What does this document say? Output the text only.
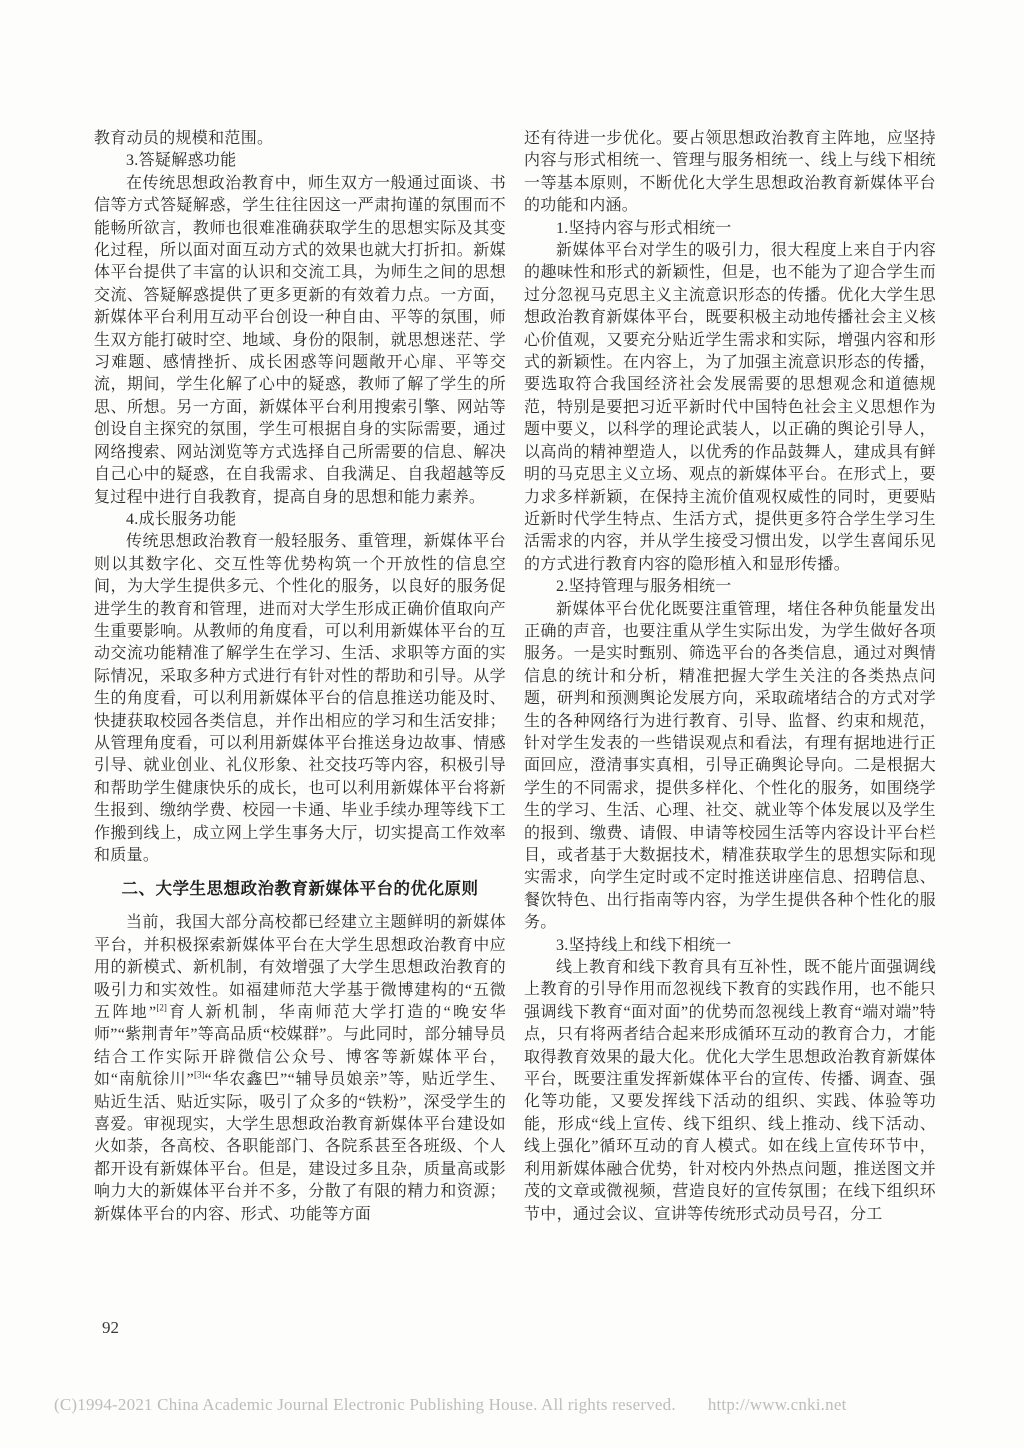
教育动员的规模和范围。

3.答疑解惑功能

在传统思想政治教育中，师生双方一般通过面谈、书信等方式答疑解惑，学生往往因这一严肃拘谨的氛围而不能畅所欲言，教师也很难准确获取学生的思想实际及其变化过程，所以面对面互动方式的效果也就大打折扣。新媒体平台提供了丰富的认识和交流工具，为师生之间的思想交流、答疑解惑提供了更多更新的有效着力点。一方面，新媒体平台利用互动平台创设一种自由、平等的氛围，师生双方能打破时空、地域、身份的限制，就思想迷茫、学习难题、感情挫折、成长困惑等问题敞开心扉、平等交流，期间，学生化解了心中的疑惑，教师了解了学生的所思、所想。另一方面，新媒体平台利用搜索引擎、网站等创设自主探究的氛围，学生可根据自身的实际需要，通过网络搜索、网站浏览等方式选择自己所需要的信息、解决自己心中的疑惑，在自我需求、自我满足、自我超越等反复过程中进行自我教育，提高自身的思想和能力素养。

4.成长服务功能

传统思想政治教育一般轻服务、重管理，新媒体平台则以其数字化、交互性等优势构筑一个开放性的信息空间，为大学生提供多元、个性化的服务，以良好的服务促进学生的教育和管理，进而对大学生形成正确价值取向产生重要影响。从教师的角度看，可以利用新媒体平台的互动交流功能精准了解学生在学习、生活、求职等方面的实际情况，采取多种方式进行有针对性的帮助和引导。从学生的角度看，可以利用新媒体平台的信息推送功能及时、快捷获取校园各类信息，并作出相应的学习和生活安排；从管理角度看，可以利用新媒体平台推送身边故事、情感引导、就业创业、礼仪形象、社交技巧等内容，积极引导和帮助学生健康快乐的成长，也可以利用新媒体平台将新生报到、缴纳学费、校园一卡通、毕业手续办理等线下工作搬到线上，成立网上学生事务大厅，切实提高工作效率和质量。

二、大学生思想政治教育新媒体平台的优化原则

当前，我国大部分高校都已经建立主题鲜明的新媒体平台，并积极探索新媒体平台在大学生思想政治教育中应用的新模式、新机制，有效增强了大学生思想政治教育的吸引力和实效性。如福建师范大学基于微博建构的“五微五阵地”[2]育人新机制，华南师范大学打造的“晚安华师”“紫荆青年”等高品质“校媒群”。与此同时，部分辅导员结合工作实际开辟微信公众号、博客等新媒体平台，如“南航徐川”[3]“华农鑫巴”“辅导员娘亲”等，贴近学生、贴近生活、贴近实际，吸引了众多的“铁粉”，深受学生的喜爱。审视现实，大学生思想政治教育新媒体平台建设如火如荼，各高校、各职能部门、各院系甚至各班级、个人都开设有新媒体平台。但是，建设过多且杂，质量高或影响力大的新媒体平台并不多，分散了有限的精力和资源；新媒体平台的内容、形式、功能等方面

还有待进一步优化。要占领思想政治教育主阵地，应坚持内容与形式相统一、管理与服务相统一、线上与线下相统一等基本原则，不断优化大学生思想政治教育新媒体平台的功能和内涵。

1.坚持内容与形式相统一

新媒体平台对学生的吸引力，很大程度上来自于内容的趣味性和形式的新颖性，但是，也不能为了迎合学生而过分忽视马克思主义主流意识形态的传播。优化大学生思想政治教育新媒体平台，既要积极主动地传播社会主义核心价值观，又要充分贴近学生需求和实际，增强内容和形式的新颖性。在内容上，为了加强主流意识形态的传播，要选取符合我国经济社会发展需要的思想观念和道德规范，特别是要把习近平新时代中国特色社会主义思想作为题中要义，以科学的理论武装人，以正确的舆论引导人，以高尚的精神塑造人，以优秀的作品鼓舞人，建成具有鲜明的马克思主义立场、观点的新媒体平台。在形式上，要力求多样新颖，在保持主流价值观权威性的同时，更要贴近新时代学生特点、生活方式，提供更多符合学生学习生活需求的内容，并从学生接受习惯出发，以学生喜闻乐见的方式进行教育内容的隐形植入和显形传播。

2.坚持管理与服务相统一

新媒体平台优化既要注重管理，堵住各种负能量发出正确的声音，也要注重从学生实际出发，为学生做好各项服务。一是实时甄别、筛选平台的各类信息，通过对舆情信息的统计和分析，精准把握大学生关注的各类热点问题，研判和预测舆论发展方向，采取疏堵结合的方式对学生的各种网络行为进行教育、引导、监督、约束和规范，针对学生发表的一些错误观点和看法，有理有据地进行正面回应，澄清事实真相，引导正确舆论导向。二是根据大学生的不同需求，提供多样化、个性化的服务，如围绕学生的学习、生活、心理、社交、就业等个体发展以及学生的报到、缴费、请假、申请等校园生活等内容设计平台栏目，或者基于大数据技术，精准获取学生的思想实际和现实需求，向学生定时或不定时推送讲座信息、招聘信息、餐饮特色、出行指南等内容，为学生提供各种个性化的服务。

3.坚持线上和线下相统一

线上教育和线下教育具有互补性，既不能片面强调线上教育的引导作用而忽视线下教育的实践作用，也不能只强调线下教育“面对面”的优势而忽视线上教育“端对端”特点，只有将两者结合起来形成循环互动的教育合力，才能取得教育效果的最大化。优化大学生思想政治教育新媒体平台，既要注重发挥新媒体平台的宣传、传播、调查、强化等功能，又要发挥线下活动的组织、实践、体验等功能，形成“线上宣传、线下组织、线上推动、线下活动、线上强化”循环互动的育人模式。如在线上宣传环节中，利用新媒体融合优势，针对校内外热点问题，推送图文并茂的文章或微视频，营造良好的宣传氛围；在线下组织环节中，通过会议、宣讲等传统形式动员号召，分工

92
(C)1994-2021 China Academic Journal Electronic Publishing House. All rights reserved. http://www.cnki.net
